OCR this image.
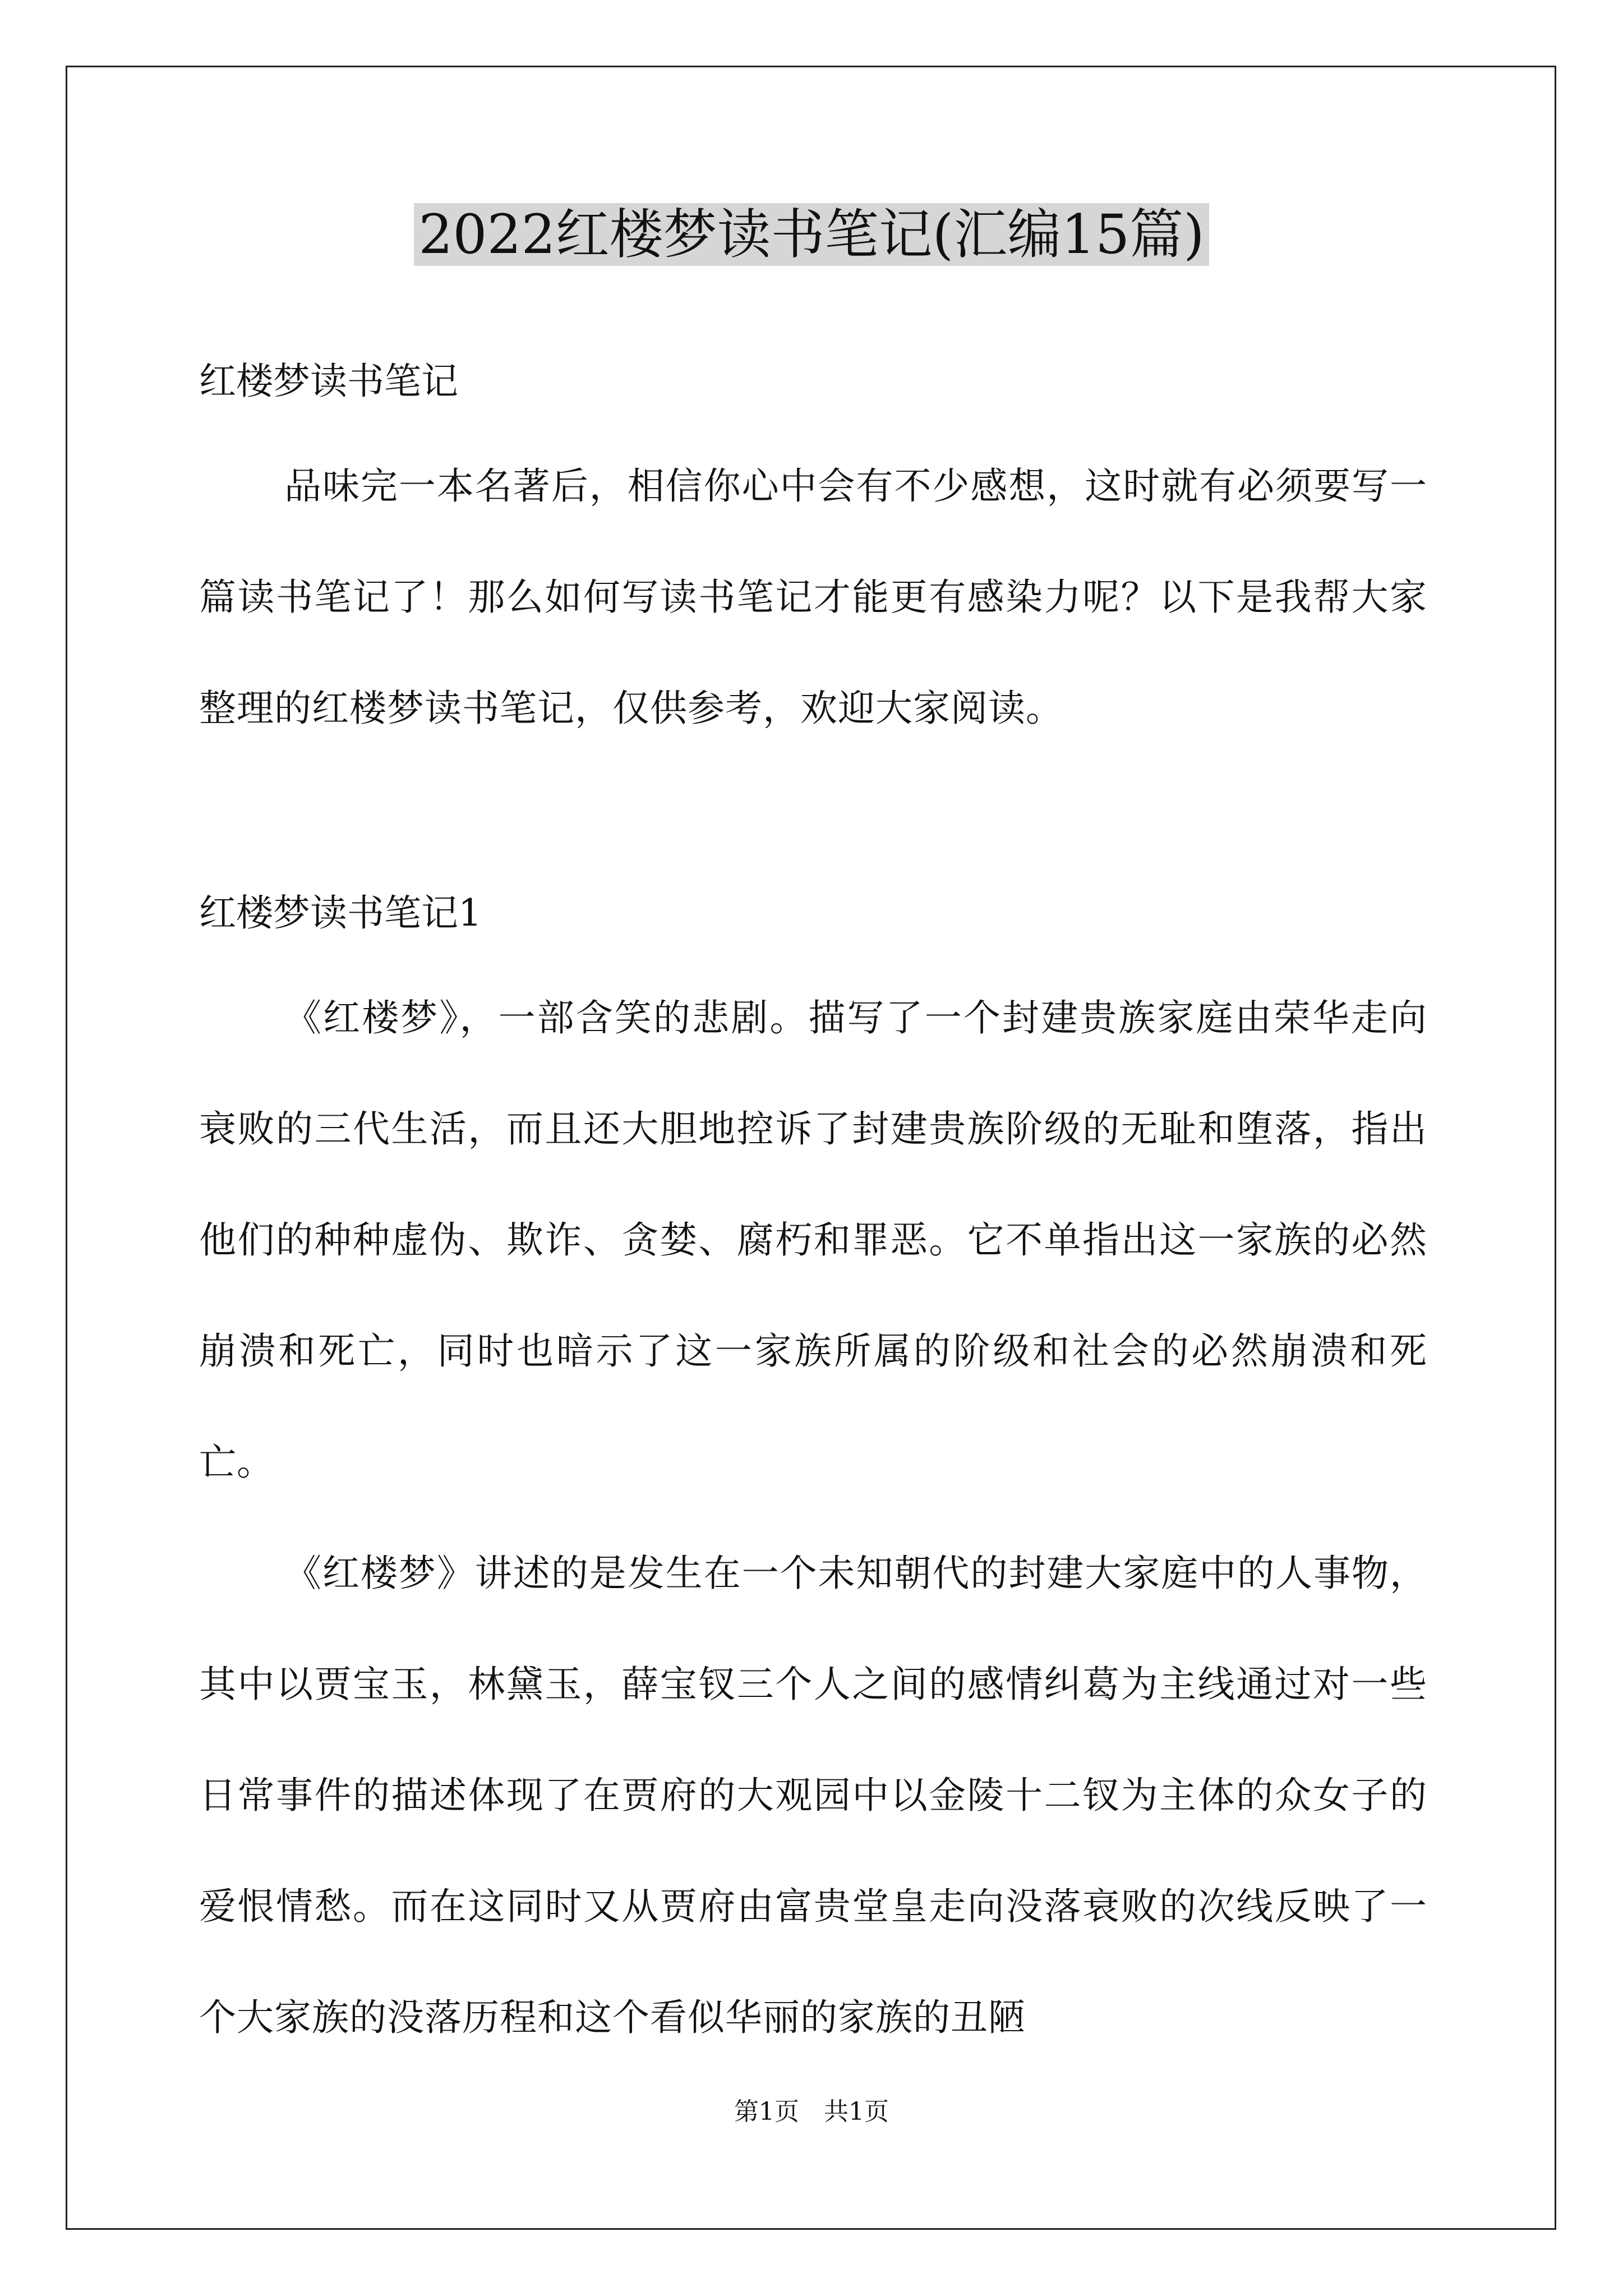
2022红楼梦读书笔记(汇编15篇)
红楼梦读书笔记
品味完一本名著后，相信你心中会有不少感想，这时就有必须要写一篇读书笔记了！那么如何写读书笔记才能更有感染力呢？以下是我帮大家整理的红楼梦读书笔记，仅供参考，欢迎大家阅读。
红楼梦读书笔记1
《红楼梦》，一部含笑的悲剧。描写了一个封建贵族家庭由荣华走向衰败的三代生活，而且还大胆地控诉了封建贵族阶级的无耻和堕落，指出他们的种种虚伪、欺诈、贪婪、腐朽和罪恶。它不单指出这一家族的必然崩溃和死亡，同时也暗示了这一家族所属的阶级和社会的必然崩溃和死亡。
《红楼梦》讲述的是发生在一个未知朝代的封建大家庭中的人事物，其中以贾宝玉，林黛玉，薛宝钗三个人之间的感情纠葛为主线通过对一些日常事件的描述体现了在贾府的大观园中以金陵十二钗为主体的众女子的爱恨情愁。而在这同时又从贾府由富贵堂皇走向没落衰败的次线反映了一个大家族的没落历程和这个看似华丽的家族的丑陋
第1页　共1页
